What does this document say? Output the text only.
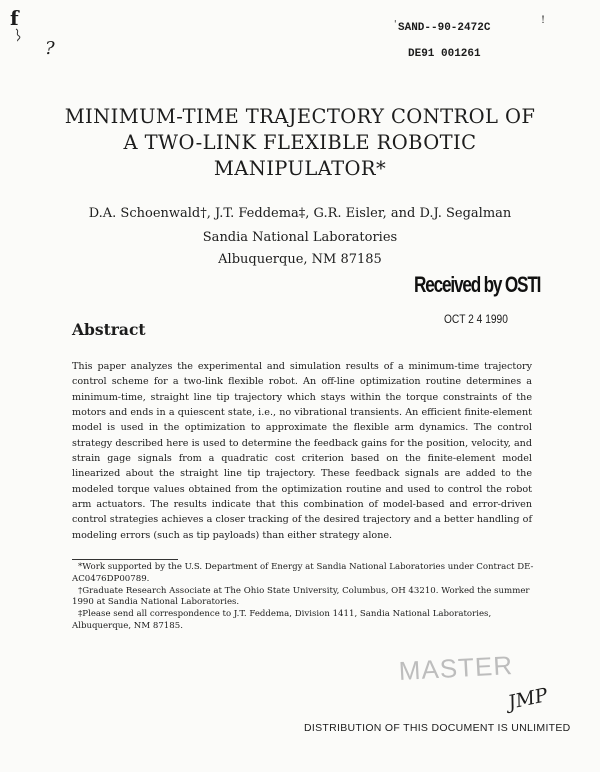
f
?
' SAND--90-2472C
!
DE91 001261
MINIMUM-TIME TRAJECTORY CONTROL OF
A TWO-LINK FLEXIBLE ROBOTIC
MANIPULATOR*
D.A. Schoenwald†, J.T. Feddema‡, G.R. Eisler, and D.J. Segalman
Sandia National Laboratories
Albuquerque, NM 87185
Received by OSTI
OCT 2 4 1990
Abstract

This paper analyzes the experimental and simulation results of a minimum-time trajectory control scheme for a two-link flexible robot. An off-line optimization routine determines a minimum-time, straight line tip trajectory which stays within the torque constraints of the motors and ends in a quiescent state, i.e., no vibrational transients. An efficient finite-element model is used in the optimization to approximate the flexible arm dynamics. The control strategy described here is used to determine the feedback gains for the position, velocity, and strain gage signals from a quadratic cost criterion based on the finite-element model linearized about the straight line tip trajectory. These feedback signals are added to the modeled torque values obtained from the optimization routine and used to control the robot arm actuators. The results indicate that this combination of model-based and error-driven control strategies achieves a closer tracking of the desired trajectory and a better handling of modeling errors (such as tip payloads) than either strategy alone.

*Work supported by the U.S. Department of Energy at Sandia National Laboratories under Contract DE-AC0476DP00789.

†Graduate Research Associate at The Ohio State University, Columbus, OH 43210. Worked the summer 1990 at Sandia National Laboratories.

‡Please send all correspondence to J.T. Feddema, Division 1411, Sandia National Laboratories, Albuquerque, NM 87185.

MASTER
JMP
DISTRIBUTION OF THIS DOCUMENT IS UNLIMITED
